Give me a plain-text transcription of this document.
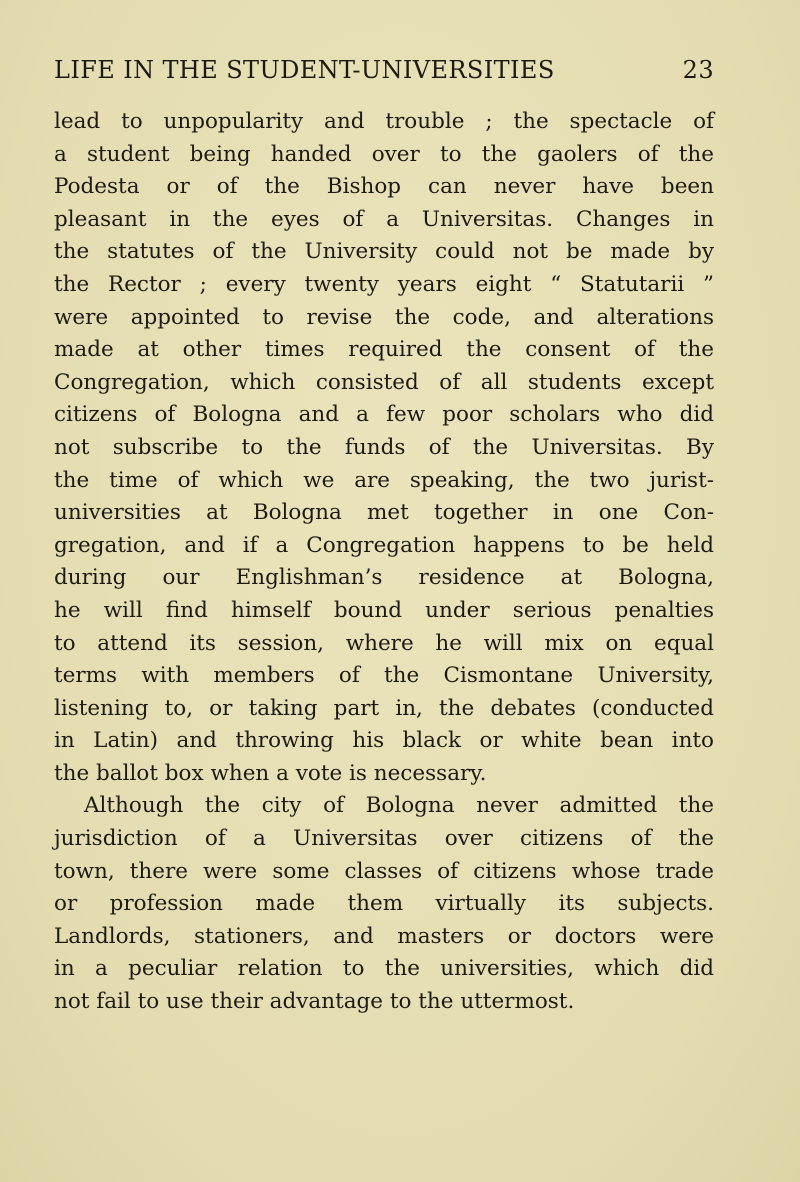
LIFE IN THE STUDENT-UNIVERSITIES	23
lead to unpopularity and trouble ; the spectacle of
a student being handed over to the gaolers of the
Podesta or of the Bishop can never have been
pleasant in the eyes of a Universitas. Changes in
the statutes of the University could not be made by
the Rector ; every twenty years eight “ Statutarii ”
were appointed to revise the code, and alterations
made at other times required the consent of the
Congregation, which consisted of all students except
citizens of Bologna and a few poor scholars who did
not subscribe to the funds of the Universitas. By
the time of which we are speaking, the two jurist-
universities at Bologna met together in one Con-
gregation, and if a Congregation happens to be held
during our Englishman’s residence at Bologna,
he will find himself bound under serious penalties
to attend its session, where he will mix on equal
terms with members of the Cismontane University,
listening to, or taking part in, the debates (conducted
in Latin) and throwing his black or white bean into
the ballot box when a vote is necessary.
Although the city of Bologna never admitted the
jurisdiction of a Universitas over citizens of the
town, there were some classes of citizens whose trade
or profession made them virtually its subjects.
Landlords, stationers, and masters or doctors were
in a peculiar relation to the universities, which did
not fail to use their advantage to the uttermost.
